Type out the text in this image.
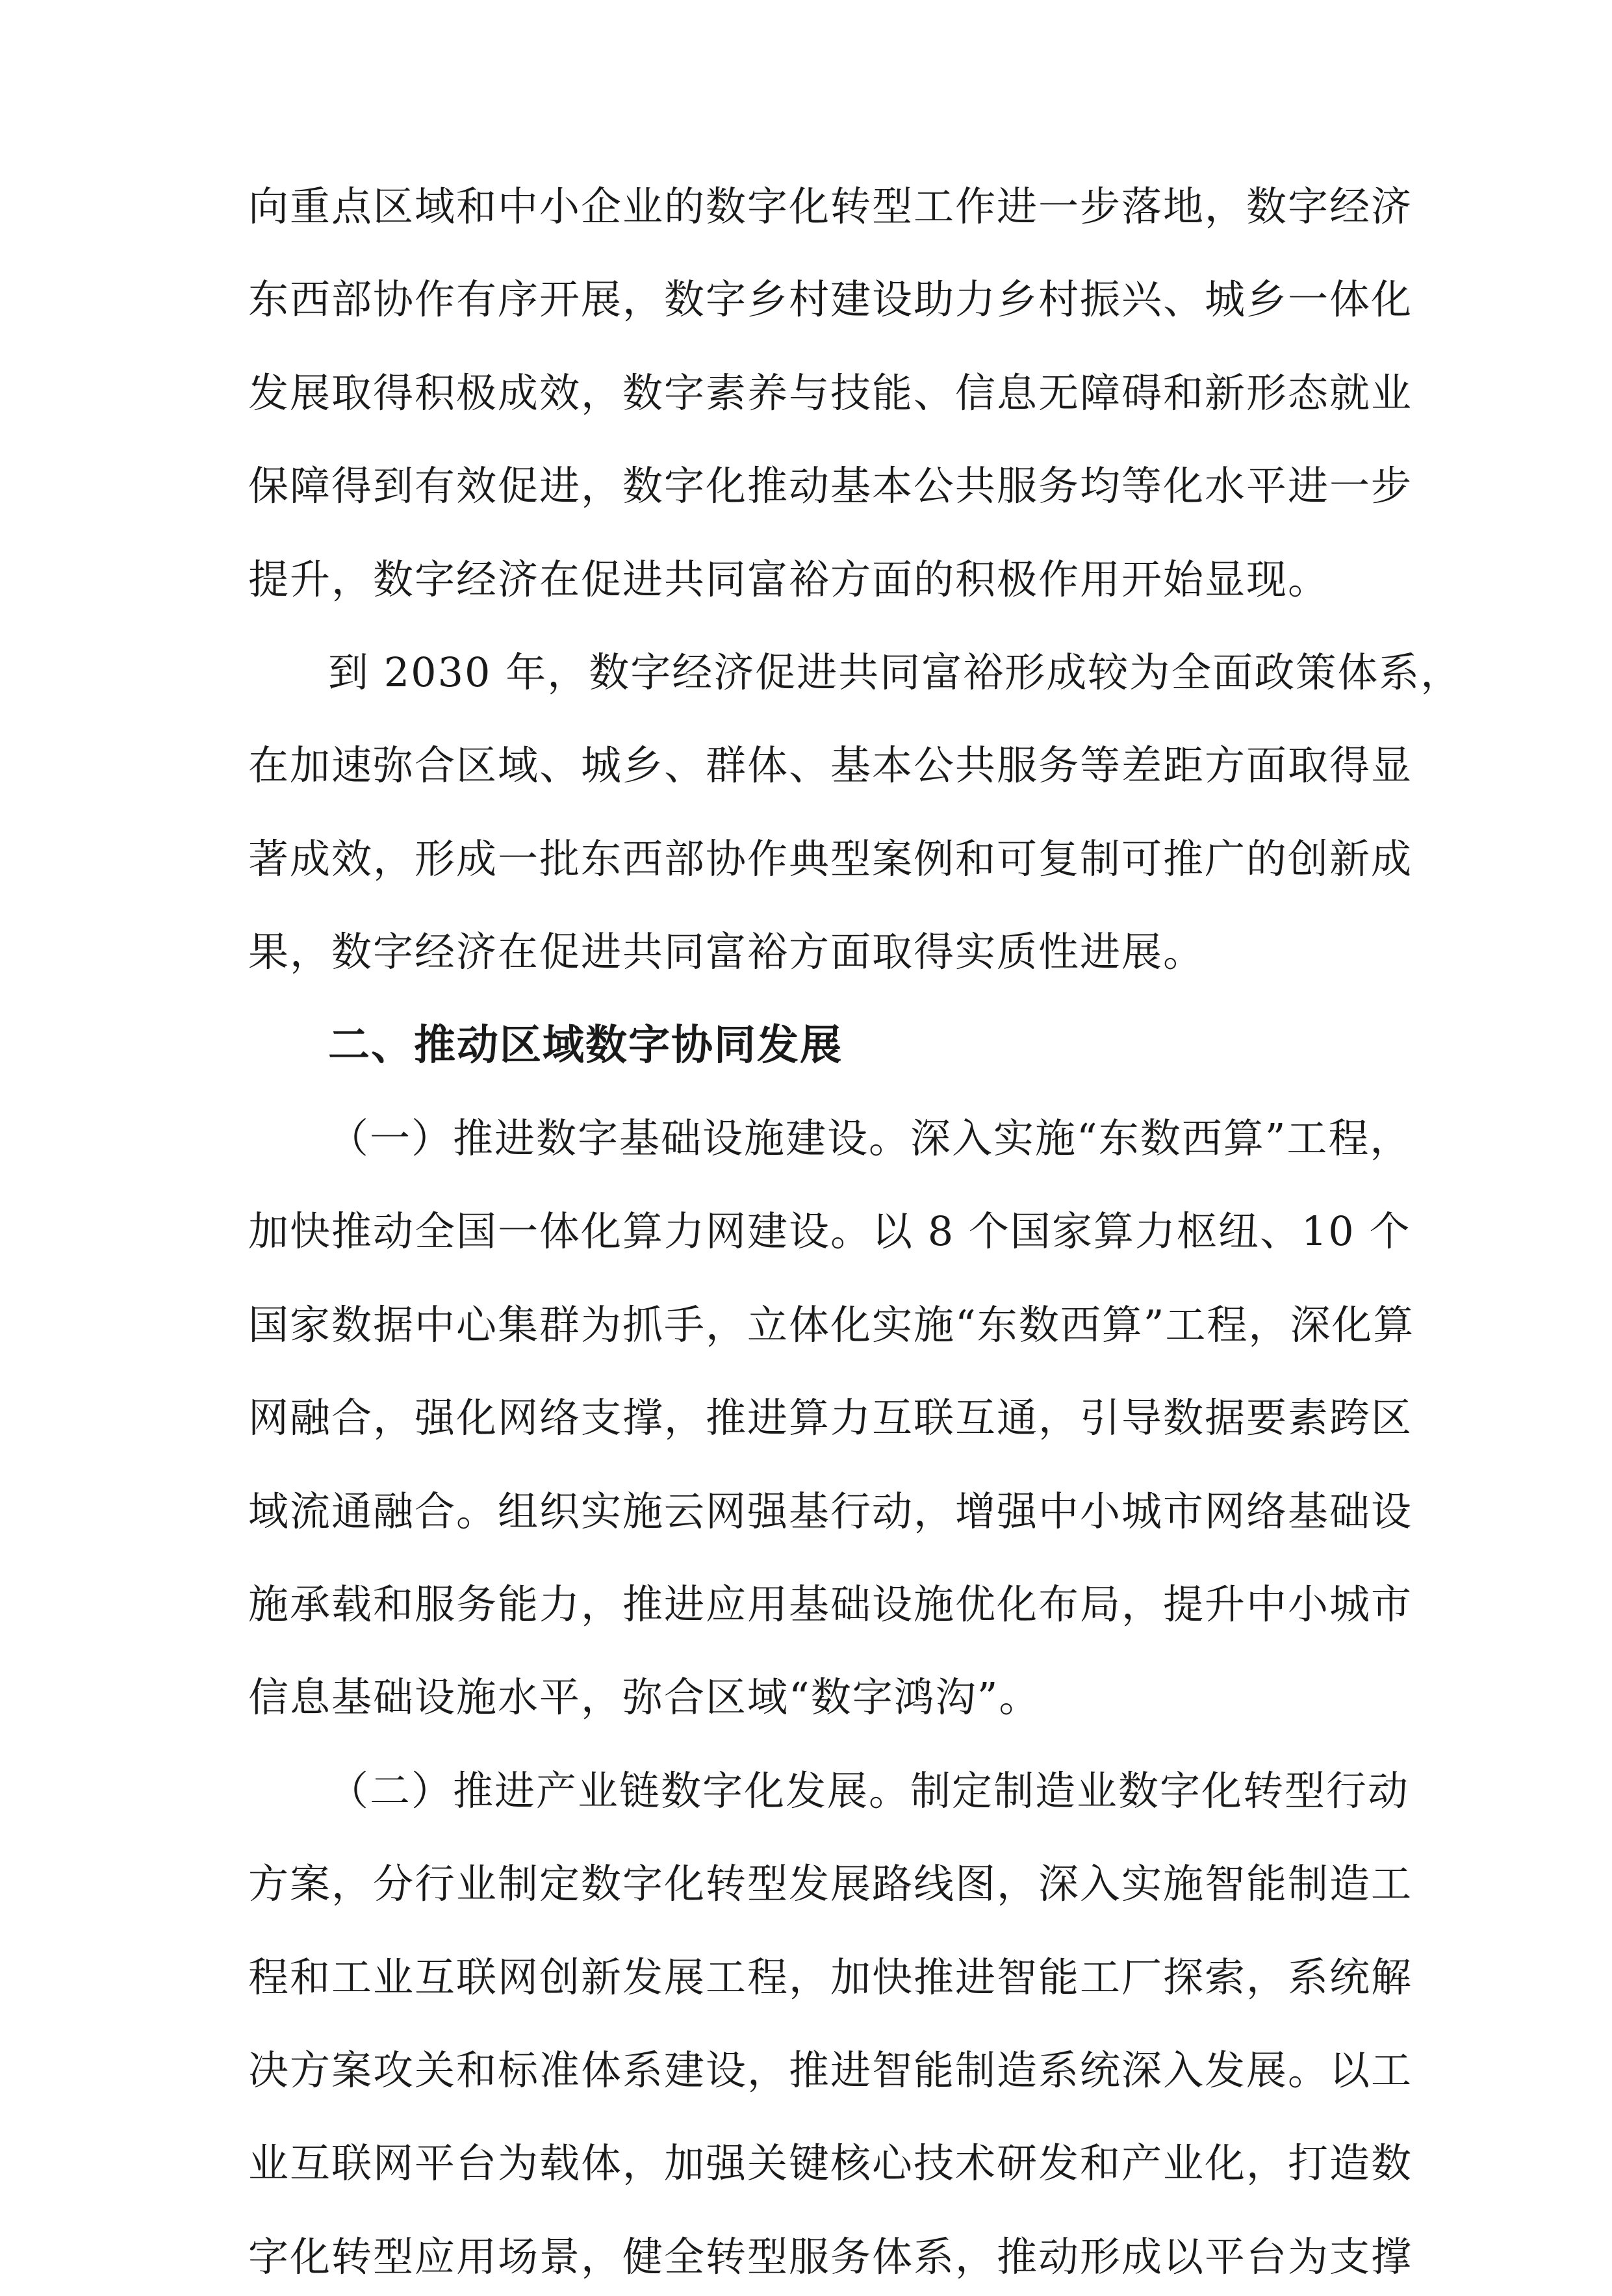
向重点区域和中小企业的数字化转型工作进一步落地，数字经济
东西部协作有序开展，数字乡村建设助力乡村振兴、城乡一体化
发展取得积极成效，数字素养与技能、信息无障碍和新形态就业
保障得到有效促进，数字化推动基本公共服务均等化水平进一步
提升，数字经济在促进共同富裕方面的积极作用开始显现。
到 2030 年，数字经济促进共同富裕形成较为全面政策体系，
在加速弥合区域、城乡、群体、基本公共服务等差距方面取得显
著成效，形成一批东西部协作典型案例和可复制可推广的创新成
果，数字经济在促进共同富裕方面取得实质性进展。
二、推动区域数字协同发展
（一）推进数字基础设施建设。深入实施“东数西算”工程，
加快推动全国一体化算力网建设。以 8 个国家算力枢纽、10 个
国家数据中心集群为抓手，立体化实施“东数西算”工程，深化算
网融合，强化网络支撑，推进算力互联互通，引导数据要素跨区
域流通融合。组织实施云网强基行动，增强中小城市网络基础设
施承载和服务能力，推进应用基础设施优化布局，提升中小城市
信息基础设施水平，弥合区域“数字鸿沟”。
（二）推进产业链数字化发展。制定制造业数字化转型行动
方案，分行业制定数字化转型发展路线图，深入实施智能制造工
程和工业互联网创新发展工程，加快推进智能工厂探索，系统解
决方案攻关和标准体系建设，推进智能制造系统深入发展。以工
业互联网平台为载体，加强关键核心技术研发和产业化，打造数
字化转型应用场景，健全转型服务体系，推动形成以平台为支撑
